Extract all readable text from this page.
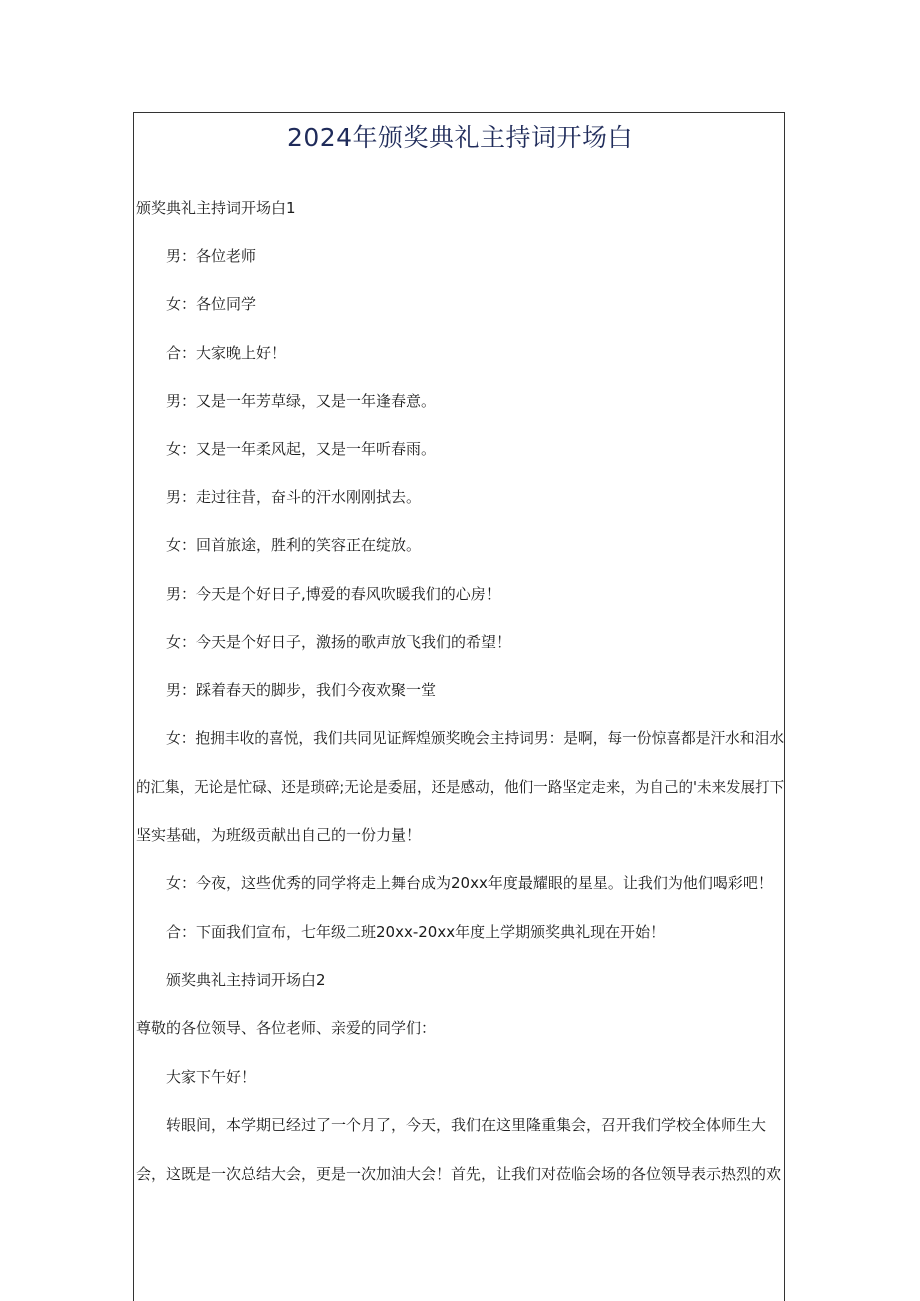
2024年颁奖典礼主持词开场白
颁奖典礼主持词开场白1
男：各位老师
女：各位同学
合：大家晚上好！
男：又是一年芳草绿，又是一年逢春意。
女：又是一年柔风起，又是一年听春雨。
男：走过往昔，奋斗的汗水刚刚拭去。
女：回首旅途，胜利的笑容正在绽放。
男：今天是个好日子,博爱的春风吹暖我们的心房！
女：今天是个好日子，激扬的歌声放飞我们的希望！
男：踩着春天的脚步，我们今夜欢聚一堂
女：抱拥丰收的喜悦，我们共同见证辉煌颁奖晚会主持词男：是啊，每一份惊喜都是汗水和泪水
的汇集，无论是忙碌、还是琐碎;无论是委屈，还是感动，他们一路坚定走来，为自己的'未来发展打下
坚实基础，为班级贡献出自己的一份力量！
女：今夜，这些优秀的同学将走上舞台成为20xx年度最耀眼的星星。让我们为他们喝彩吧！
合：下面我们宣布，七年级二班20xx-20xx年度上学期颁奖典礼现在开始！
颁奖典礼主持词开场白2
尊敬的各位领导、各位老师、亲爱的同学们：
大家下午好！
转眼间，本学期已经过了一个月了，今天，我们在这里隆重集会，召开我们学校全体师生大
会，这既是一次总结大会，更是一次加油大会！首先，让我们对莅临会场的各位领导表示热烈的欢
